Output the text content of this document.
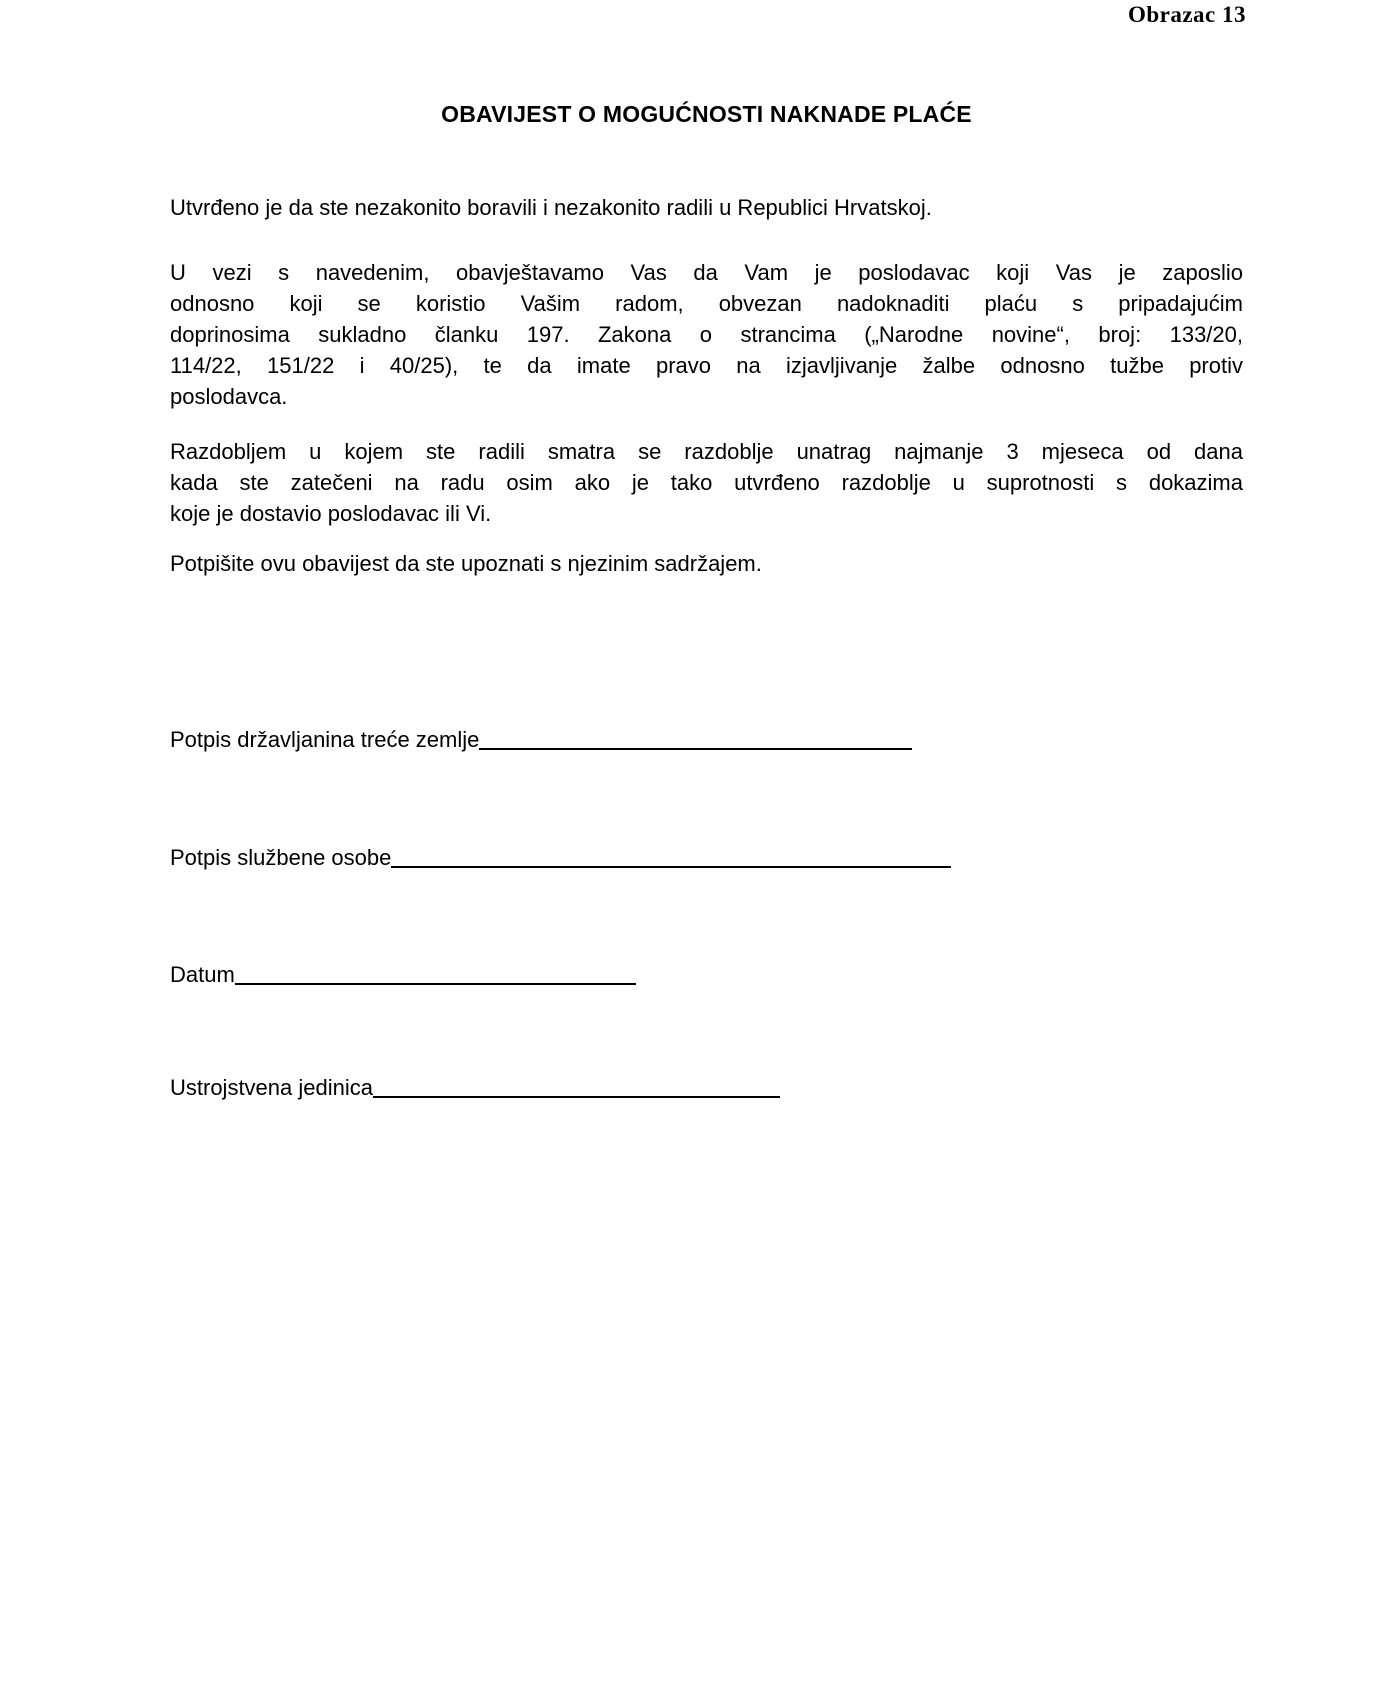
Obrazac 13
OBAVIJEST O MOGUĆNOSTI NAKNADE PLAĆE

Utvrđeno je da ste nezakonito boravili i nezakonito radili u Republici Hrvatskoj.

U vezi s navedenim, obavještavamo Vas da Vam je poslodavac koji Vas je zaposlio
odnosno koji se koristio Vašim radom, obvezan nadoknaditi plaću s pripadajućim
doprinosima sukladno članku 197. Zakona o strancima („Narodne novine“, broj: 133/20,
114/22, 151/22 i 40/25), te da imate pravo na izjavljivanje žalbe odnosno tužbe protiv
poslodavca.

Razdobljem u kojem ste radili smatra se razdoblje unatrag najmanje 3 mjeseca od dana
kada ste zatečeni na radu osim ako je tako utvrđeno razdoblje u suprotnosti s dokazima
koje je dostavio poslodavac ili Vi.

Potpišite ovu obavijest da ste upoznati s njezinim sadržajem.

Potpis državljanina treće zemlje
Potpis službene osobe
Datum
Ustrojstvena jedinica
